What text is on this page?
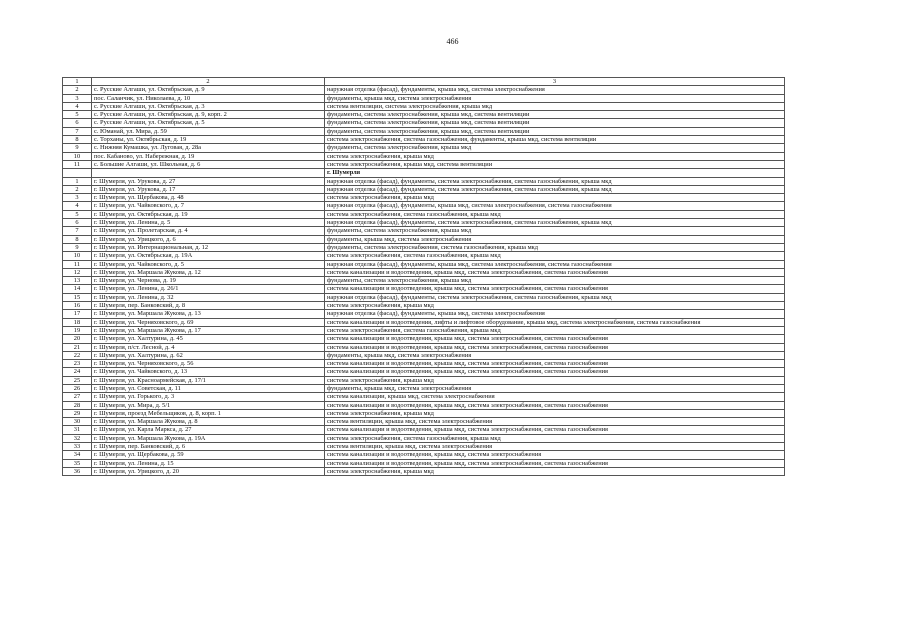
466
1	2	3
2	с. Русские Алгаши, ул. Октябрьская, д. 9	наружная отделка (фасад), фундаменты, крыша мкд, система электроснабжения
3	пос. Саланчик, ул. Николаева, д. 10	фундаменты, крыша мкд, система электроснабжения
4	с. Русские Алгаши, ул. Октябрьская, д. 3	система вентиляции, система электроснабжения, крыша мкд
5	с. Русские Алгаши, ул. Октябрьская, д. 9, корп. 2	фундаменты, система электроснабжения, крыша мкд, система вентиляции
6	с. Русские Алгаши, ул. Октябрьская, д. 5	фундаменты, система электроснабжения, крыша мкд, система вентиляции
7	с. Юманай, ул. Мира, д. 59	фундаменты, система электроснабжения, крыша мкд, система вентиляции
8	с. Торханы, ул. Октябрьская, д. 19	система электроснабжения, система газоснабжения, фундаменты, крыша мкд, система вентиляции
9	с. Нижняя Кумашка, ул. Луговая, д. 28а	фундаменты, система электроснабжения, крыша мкд
10	пос. Кабаново, ул. Набережная, д. 19	система электроснабжения, крыша мкд
11	с. Большие Алгаши, ул. Школьная, д. 6	система электроснабжения, крыша мкд, система вентиляции
		г. Шумерля
1	г. Шумерля, ул. Урукова, д. 27	наружная отделка (фасад), фундаменты, система электроснабжения, система газоснабжения, крыша мкд
2	г. Шумерля, ул. Урукова, д. 17	наружная отделка (фасад), фундаменты, система электроснабжения, система газоснабжения, крыша мкд
3	г. Шумерля, ул. Щербакова, д. 48	система электроснабжения, крыша мкд
4	г. Шумерля, ул. Чайковского, д. 7	наружная отделка (фасад), фундаменты, крыша мкд, система электроснабжения, система газоснабжения
5	г. Шумерля, ул. Октябрьская, д. 19	система электроснабжения, система газоснабжения, крыша мкд
6	г. Шумерля, ул. Ленина, д. 5	наружная отделка (фасад), фундаменты, система электроснабжения, система газоснабжения, крыша мкд
7	г. Шумерля, ул. Пролетарская, д. 4	фундаменты, система электроснабжения, крыша мкд
8	г. Шумерля, ул. Урицкого, д. 6	фундаменты, крыша мкд, система электроснабжения
9	г. Шумерля, ул. Интернациональная, д. 12	фундаменты, система электроснабжения, система газоснабжения, крыша мкд
10	г. Шумерля, ул. Октябрьская, д. 19А	система электроснабжения, система газоснабжения, крыша мкд
11	г. Шумерля, ул. Чайковского, д. 5	наружная отделка (фасад), фундаменты, крыша мкд, система электроснабжения, система газоснабжения
12	г. Шумерля, ул. Маршала Жукова, д. 12	система канализации и водоотведения, крыша мкд, система электроснабжения, система газоснабжения
13	г. Шумерля, ул. Чернова, д. 19	фундаменты, система электроснабжения, крыша мкд
14	г. Шумерля, ул. Ленина, д. 26/1	система канализации и водоотведения, крыша мкд, система электроснабжения, система газоснабжения
15	г. Шумерля, ул. Ленина, д. 32	наружная отделка (фасад), фундаменты, система электроснабжения, система газоснабжения, крыша мкд
16	г. Шумерля, пер. Банковский, д. 8	система электроснабжения, крыша мкд
17	г. Шумерля, ул. Маршала Жукова, д. 13	наружная отделка (фасад), фундаменты, крыша мкд, система электроснабжения
18	г. Шумерля, ул. Черняховского, д. 69	система канализации и водоотведения, лифты и лифтовое оборудование, крыша мкд, система электроснабжения, система газоснабжения
19	г. Шумерля, ул. Маршала Жукова, д. 17	система электроснабжения, система газоснабжения, крыша мкд
20	г. Шумерля, ул. Халтурина, д. 45	система канализации и водоотведения, крыша мкд, система электроснабжения, система газоснабжения
21	г. Шумерля, п/ст. Лесной, д. 4	система канализации и водоотведения, крыша мкд, система электроснабжения, система газоснабжения
22	г. Шумерля, ул. Халтурина, д. 62	фундаменты, крыша мкд, система электроснабжения
23	г. Шумерля, ул. Черняховского, д. 56	система канализации и водоотведения, крыша мкд, система электроснабжения, система газоснабжения
24	г. Шумерля, ул. Чайковского, д. 13	система канализации и водоотведения, крыша мкд, система электроснабжения, система газоснабжения
25	г. Шумерля, ул. Красноармейская, д. 17/1	система электроснабжения, крыша мкд
26	г. Шумерля, ул. Советская, д. 11	фундаменты, крыша мкд, система электроснабжения
27	г. Шумерля, ул. Горького, д. 3	система канализации, крыша мкд, система электроснабжения
28	г. Шумерля, ул. Мира, д. 5/1	система канализации и водоотведения, крыша мкд, система электроснабжения, система газоснабжения
29	г. Шумерля, проезд Мебельщиков, д. 8, корп. 1	система электроснабжения, крыша мкд
30	г. Шумерля, ул. Маршала Жукова, д. 8	система вентиляции, крыша мкд, система электроснабжения
31	г. Шумерля, ул. Карла Маркса, д. 27	система канализации и водоотведения, крыша мкд, система электроснабжения, система газоснабжения
32	г. Шумерля, ул. Маршала Жукова, д. 19А	система электроснабжения, система газоснабжения, крыша мкд
33	г. Шумерля, пер. Банковский, д. 6	система вентиляции, крыша мкд, система электроснабжения
34	г. Шумерля, ул. Щербакова, д. 59	система канализации и водоотведения, крыша мкд, система электроснабжения
35	г. Шумерля, ул. Ленина, д. 15	система канализации и водоотведения, крыша мкд, система электроснабжения, система газоснабжения
36	г. Шумерля, ул. Урицкого, д. 20	система электроснабжения, крыша мкд
